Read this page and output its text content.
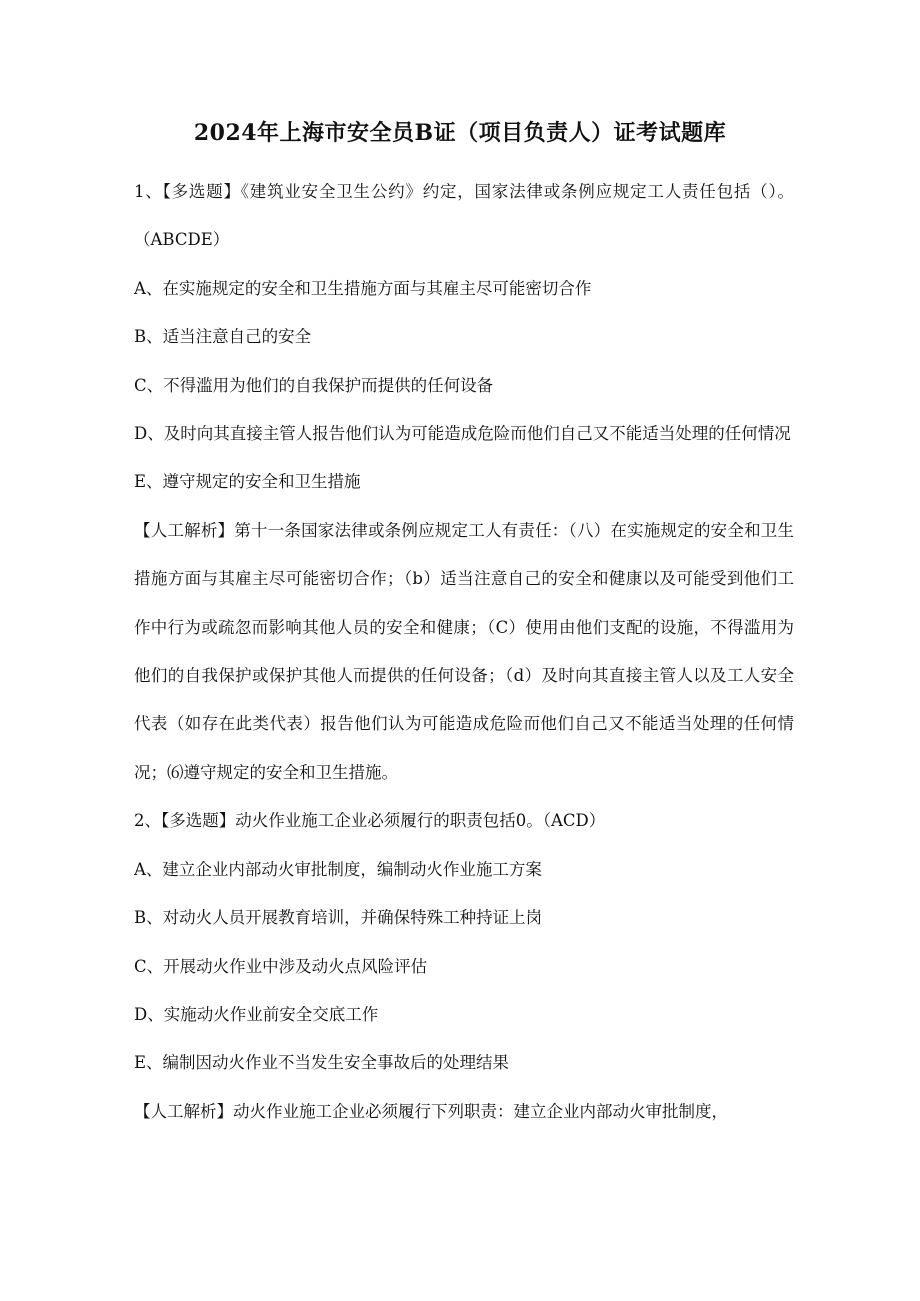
2024年上海市安全员B证（项目负责人）证考试题库

1、【多选题】《建筑业安全卫生公约》约定，国家法律或条例应规定工人责任包括（）。（ABCDE）

A、在实施规定的安全和卫生措施方面与其雇主尽可能密切合作

B、适当注意自己的安全

C、不得滥用为他们的自我保护而提供的任何设备

D、及时向其直接主管人报告他们认为可能造成危险而他们自己又不能适当处理的任何情况

E、遵守规定的安全和卫生措施

【人工解析】第十一条国家法律或条例应规定工人有责任：（八）在实施规定的安全和卫生措施方面与其雇主尽可能密切合作；（b）适当注意自己的安全和健康以及可能受到他们工作中行为或疏忽而影响其他人员的安全和健康；（C）使用由他们支配的设施，不得滥用为他们的自我保护或保护其他人而提供的任何设备；（d）及时向其直接主管人以及工人安全代表（如存在此类代表）报告他们认为可能造成危险而他们自己又不能适当处理的任何情况；⑹遵守规定的安全和卫生措施。

2、【多选题】动火作业施工企业必须履行的职责包括0。（ACD）

A、建立企业内部动火审批制度，编制动火作业施工方案

B、对动火人员开展教育培训，并确保特殊工种持证上岗

C、开展动火作业中涉及动火点风险评估

D、实施动火作业前安全交底工作

E、编制因动火作业不当发生安全事故后的处理结果

【人工解析】动火作业施工企业必须履行下列职责：建立企业内部动火审批制度，
